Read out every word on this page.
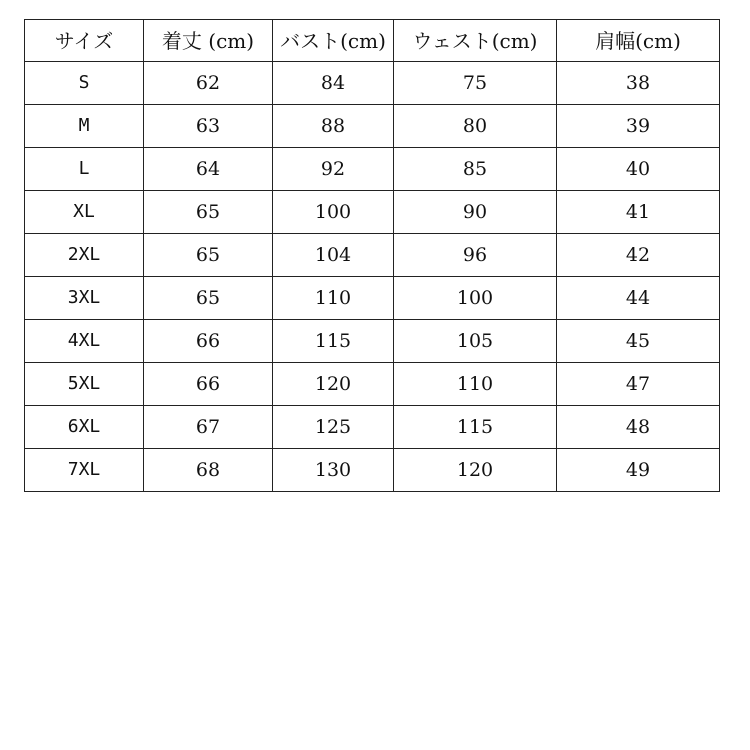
サイズ	着丈 (cm)	バスト(cm)	ウェスト(cm)	肩幅(cm)
S	62	84	75	38
M	63	88	80	39
L	64	92	85	40
XL	65	100	90	41
2XL	65	104	96	42
3XL	65	110	100	44
4XL	66	115	105	45
5XL	66	120	110	47
6XL	67	125	115	48
7XL	68	130	120	49
